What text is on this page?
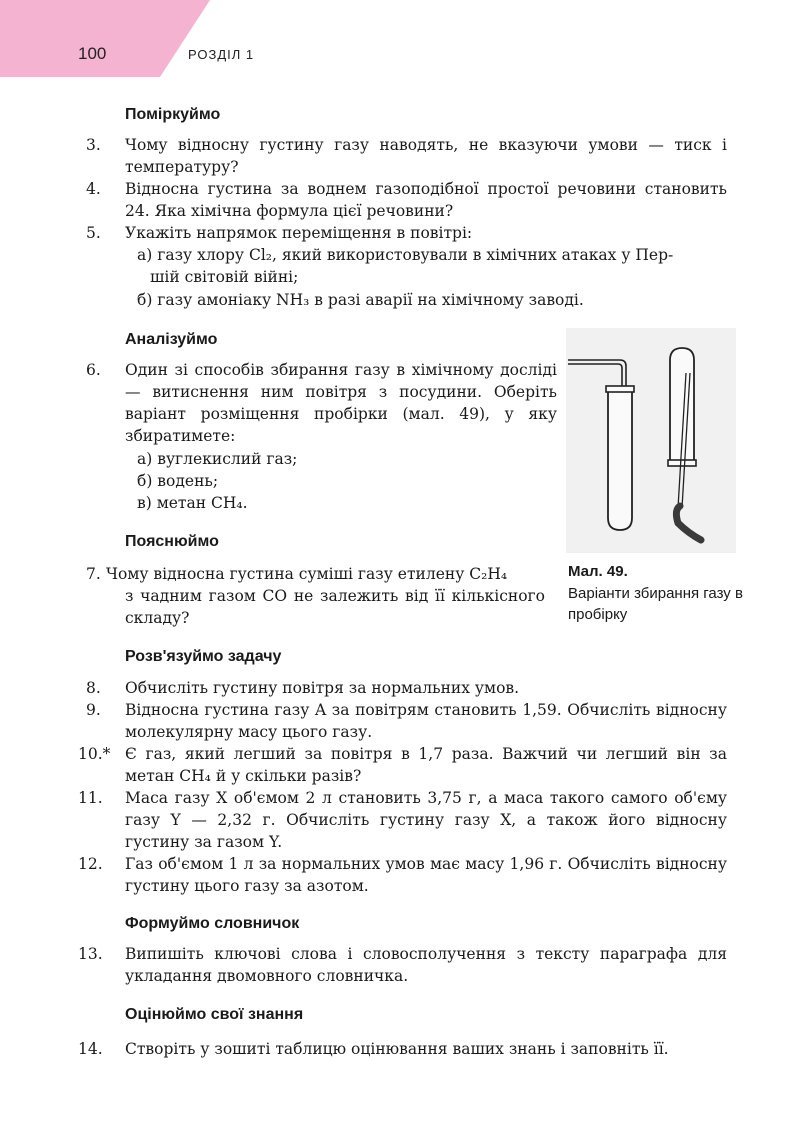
100	РОЗДІЛ 1
Поміркуймо
3. Чому відносну густину газу наводять, не вказуючи умови — тиск і температуру?
4. Відносна густина за воднем газоподібної простої речовини становить 24. Яка хімічна формула цієї речовини?
5. Укажіть напрямок переміщення в повітрі:
а) газу хлору Cl₂, який використовували в хімічних атаках у Пер-
шій світовій війні;
б) газу амоніаку NH₃ в разі аварії на хімічному заводі.
Аналізуймо
6. Один зі способів збирання газу в хімічному досліді — витиснення ним повітря з посудини. Оберіть варіант розміщення пробірки (мал. 49), у яку збиратимете:
а) вуглекислий газ;
б) водень;
в) метан CH₄.
Пояснюймо
7. Чому відносна густина суміші газу етилену C₂H₄
з чадним газом CO не залежить від її кількісного складу?
Мал. 49.
Варіанти збирання газу в пробірку
Розв'язуймо задачу
8. Обчисліть густину повітря за нормальних умов.
9. Відносна густина газу A за повітрям становить 1,59. Обчисліть відносну молекулярну масу цього газу.
10.* Є газ, який легший за повітря в 1,7 раза. Важчий чи легший він за метан CH₄ й у скільки разів?
11. Маса газу X об'ємом 2 л становить 3,75 г, а маса такого самого об'єму газу Y — 2,32 г. Обчисліть густину газу X, а також його відносну густину за газом Y.
12. Газ об'ємом 1 л за нормальних умов має масу 1,96 г. Обчисліть відносну густину цього газу за азотом.
Формуймо словничок
13. Випишіть ключові слова і словосполучення з тексту параграфа для укладання двомовного словничка.
Оцінюймо свої знання
14. Створіть у зошиті таблицю оцінювання ваших знань і заповніть її.
